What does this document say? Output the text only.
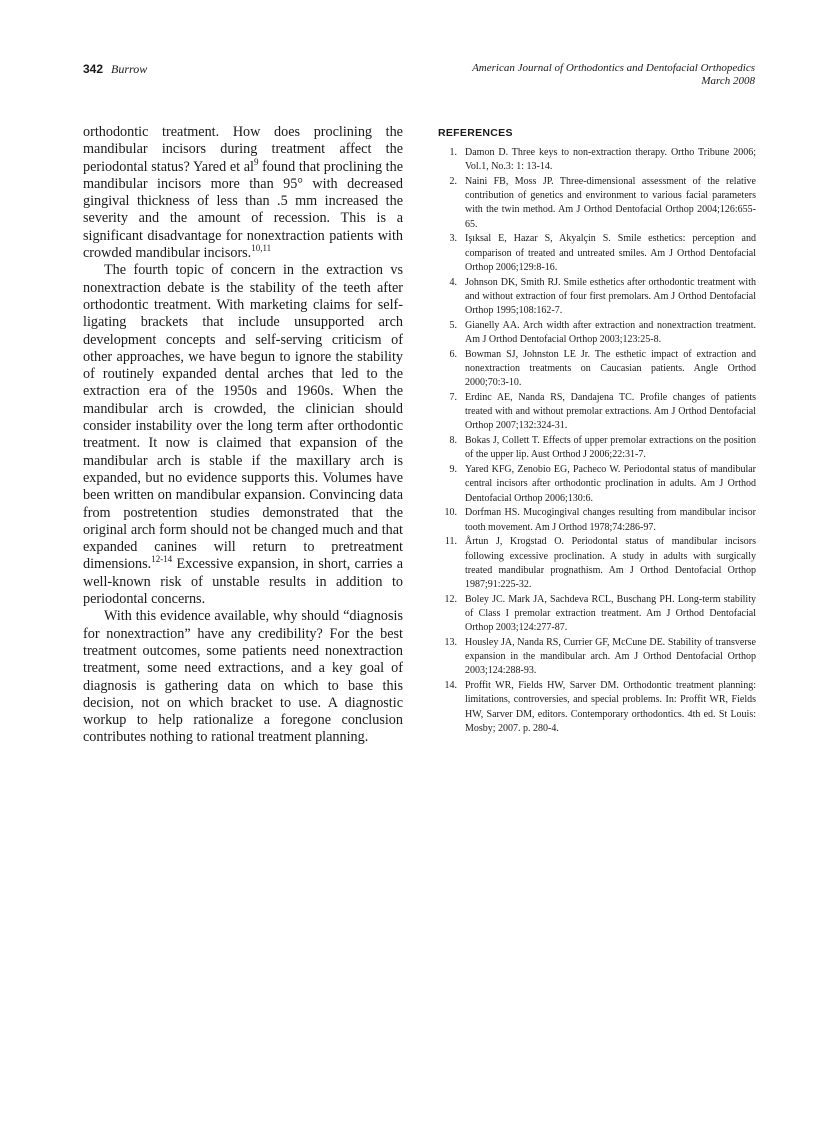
342 Burrow	American Journal of Orthodontics and Dentofacial Orthopedics
March 2008

orthodontic treatment. How does proclining the mandibular incisors during treatment affect the periodontal status? Yared et $al^9$ found that proclining the mandibular incisors more than 95° with decreased gingival thickness of less than .5 mm increased the severity and the amount of recession. This is a significant disadvantage for nonextraction patients with crowded mandibular incisors.$^{10,11}$

The fourth topic of concern in the extraction vs nonextraction debate is the stability of the teeth after orthodontic treatment. With marketing claims for self-ligating brackets that include unsupported arch development concepts and self-serving criticism of other approaches, we have begun to ignore the stability of routinely expanded dental arches that led to the extraction era of the 1950s and 1960s. When the mandibular arch is crowded, the clinician should consider instability over the long term after orthodontic treatment. It now is claimed that expansion of the mandibular arch is stable if the maxillary arch is expanded, but no evidence supports this. Volumes have been written on mandibular expansion. Convincing data from postretention studies demonstrated that the original arch form should not be changed much and that expanded canines will return to pretreatment dimensions.$^{12-14}$ Excessive expansion, in short, carries a well-known risk of unstable results in addition to periodontal concerns.

With this evidence available, why should “diagnosis for nonextraction” have any credibility? For the best treatment outcomes, some patients need nonextraction treatment, some need extractions, and a key goal of diagnosis is gathering data on which to base this decision, not on which bracket to use. A diagnostic workup to help rationalize a foregone conclusion contributes nothing to rational treatment planning.

REFERENCES
1. Damon D. Three keys to non-extraction therapy. Ortho Tribune 2006; Vol.1, No.3: 1: 13-14.
2. Naini FB, Moss JP. Three-dimensional assessment of the relative contribution of genetics and environment to various facial parameters with the twin method. Am J Orthod Dentofacial Orthop 2004;126:655-65.
3. Işıksal E, Hazar S, Akyalçin S. Smile esthetics: perception and comparison of treated and untreated smiles. Am J Orthod Dentofacial Orthop 2006;129:8-16.
4. Johnson DK, Smith RJ. Smile esthetics after orthodontic treatment with and without extraction of four first premolars. Am J Orthod Dentofacial Orthop 1995;108:162-7.
5. Gianelly AA. Arch width after extraction and nonextraction treatment. Am J Orthod Dentofacial Orthop 2003;123:25-8.
6. Bowman SJ, Johnston LE Jr. The esthetic impact of extraction and nonextraction treatments on Caucasian patients. Angle Orthod 2000;70:3-10.
7. Erdinc AE, Nanda RS, Dandajena TC. Profile changes of patients treated with and without premolar extractions. Am J Orthod Dentofacial Orthop 2007;132:324-31.
8. Bokas J, Collett T. Effects of upper premolar extractions on the position of the upper lip. Aust Orthod J 2006;22:31-7.
9. Yared KFG, Zenobio EG, Pacheco W. Periodontal status of mandibular central incisors after orthodontic proclination in adults. Am J Orthod Dentofacial Orthop 2006;130:6.
10. Dorfman HS. Mucogingival changes resulting from mandibular incisor tooth movement. Am J Orthod 1978;74:286-97.
11. Årtun J, Krogstad O. Periodontal status of mandibular incisors following excessive proclination. A study in adults with surgically treated mandibular prognathism. Am J Orthod Dentofacial Orthop 1987;91:225-32.
12. Boley JC. Mark JA, Sachdeva RCL, Buschang PH. Long-term stability of Class I premolar extraction treatment. Am J Orthod Dentofacial Orthop 2003;124:277-87.
13. Housley JA, Nanda RS, Currier GF, McCune DE. Stability of transverse expansion in the mandibular arch. Am J Orthod Dentofacial Orthop 2003;124:288-93.
14. Proffit WR, Fields HW, Sarver DM. Orthodontic treatment planning: limitations, controversies, and special problems. In: Proffit WR, Fields HW, Sarver DM, editors. Contemporary orthodontics. 4th ed. St Louis: Mosby; 2007. p. 280-4.
